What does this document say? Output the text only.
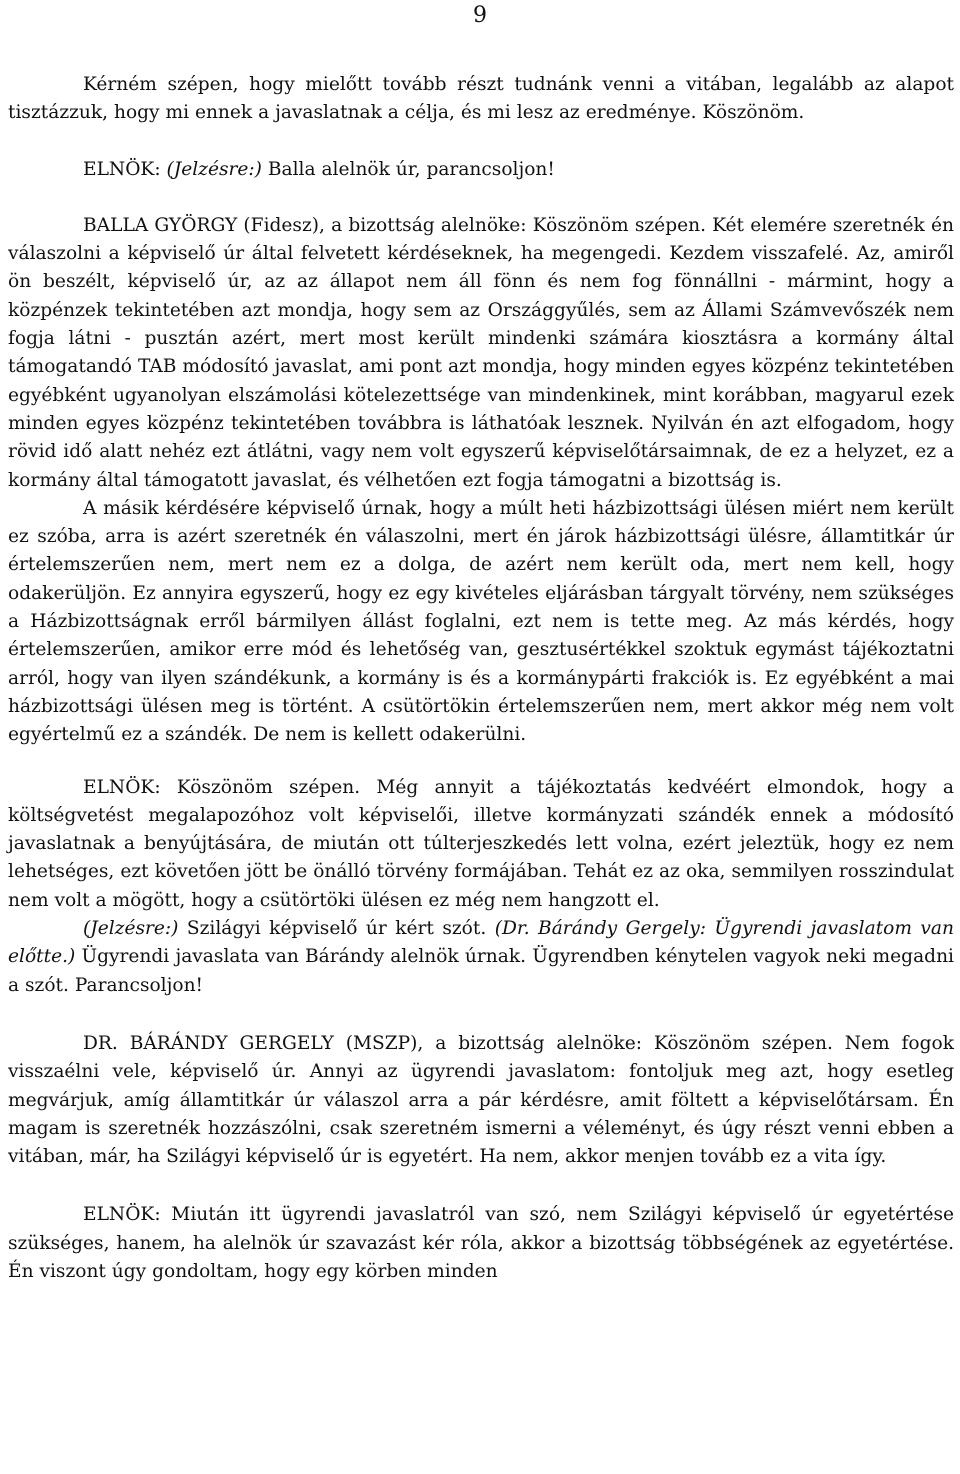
9

Kérném szépen, hogy mielőtt tovább részt tudnánk venni a vitában, legalább az alapot tisztázzuk, hogy mi ennek a javaslatnak a célja, és mi lesz az eredménye. Köszönöm.

ELNÖK: (Jelzésre:) Balla alelnök úr, parancsoljon!

BALLA GYÖRGY (Fidesz), a bizottság alelnöke: Köszönöm szépen. Két elemére szeretnék én válaszolni a képviselő úr által felvetett kérdéseknek, ha megengedi. Kezdem visszafelé. Az, amiről ön beszélt, képviselő úr, az az állapot nem áll fönn és nem fog fönnállni - mármint, hogy a közpénzek tekintetében azt mondja, hogy sem az Országgyűlés, sem az Állami Számvevőszék nem fogja látni - pusztán azért, mert most került mindenki számára kiosztásra a kormány által támogatandó TAB módosító javaslat, ami pont azt mondja, hogy minden egyes közpénz tekintetében egyébként ugyanolyan elszámolási kötelezettsége van mindenkinek, mint korábban, magyarul ezek minden egyes közpénz tekintetében továbbra is láthatóak lesznek. Nyilván én azt elfogadom, hogy rövid idő alatt nehéz ezt átlátni, vagy nem volt egyszerű képviselőtársaimnak, de ez a helyzet, ez a kormány által támogatott javaslat, és vélhetően ezt fogja támogatni a bizottság is.

A másik kérdésére képviselő úrnak, hogy a múlt heti házbizottsági ülésen miért nem került ez szóba, arra is azért szeretnék én válaszolni, mert én járok házbizottsági ülésre, államtitkár úr értelemszerűen nem, mert nem ez a dolga, de azért nem került oda, mert nem kell, hogy odakerüljön. Ez annyira egyszerű, hogy ez egy kivételes eljárásban tárgyalt törvény, nem szükséges a Házbizottságnak erről bármilyen állást foglalni, ezt nem is tette meg. Az más kérdés, hogy értelemszerűen, amikor erre mód és lehetőség van, gesztusértékkel szoktuk egymást tájékoztatni arról, hogy van ilyen szándékunk, a kormány is és a kormánypárti frakciók is. Ez egyébként a mai házbizottsági ülésen meg is történt. A csütörtökin értelemszerűen nem, mert akkor még nem volt egyértelmű ez a szándék. De nem is kellett odakerülni.

ELNÖK: Köszönöm szépen. Még annyit a tájékoztatás kedvéért elmondok, hogy a költségvetést megalapozóhoz volt képviselői, illetve kormányzati szándék ennek a módosító javaslatnak a benyújtására, de miután ott túlterjeszkedés lett volna, ezért jeleztük, hogy ez nem lehetséges, ezt követően jött be önálló törvény formájában. Tehát ez az oka, semmilyen rosszindulat nem volt a mögött, hogy a csütörtöki ülésen ez még nem hangzott el.

(Jelzésre:) Szilágyi képviselő úr kért szót. (Dr. Bárándy Gergely: Ügyrendi javaslatom van előtte.) Ügyrendi javaslata van Bárándy alelnök úrnak. Ügyrendben kénytelen vagyok neki megadni a szót. Parancsoljon!

DR. BÁRÁNDY GERGELY (MSZP), a bizottság alelnöke: Köszönöm szépen. Nem fogok visszaélni vele, képviselő úr. Annyi az ügyrendi javaslatom: fontoljuk meg azt, hogy esetleg megvárjuk, amíg államtitkár úr válaszol arra a pár kérdésre, amit föltett a képviselőtársam. Én magam is szeretnék hozzászólni, csak szeretném ismerni a véleményt, és úgy részt venni ebben a vitában, már, ha Szilágyi képviselő úr is egyetért. Ha nem, akkor menjen tovább ez a vita így.

ELNÖK: Miután itt ügyrendi javaslatról van szó, nem Szilágyi képviselő úr egyetértése szükséges, hanem, ha alelnök úr szavazást kér róla, akkor a bizottság többségének az egyetértése. Én viszont úgy gondoltam, hogy egy körben minden
